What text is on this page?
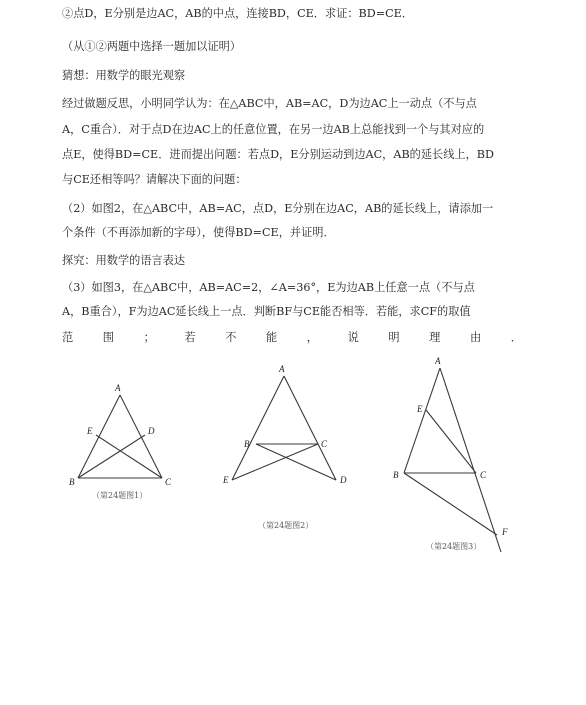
②点D，E分别是边AC，AB的中点，连接BD，CE．求证：BD=CE．
（从①②两题中选择一题加以证明）
猜想：用数学的眼光观察
经过做题反思，小明同学认为：在△ABC中，AB=AC，D为边AC上一动点（不与点
A，C重合）．对于点D在边AC上的任意位置，在另一边AB上总能找到一个与其对应的
点E，使得BD=CE．进而提出问题：若点D，E分别运动到边AC，AB的延长线上，BD
与CE还相等吗？请解决下面的问题：
（2）如图2，在△ABC中，AB=AC，点D，E分别在边AC，AB的延长线上，请添加一
个条件（不再添加新的字母），使得BD=CE，并证明．
探究：用数学的语言表达
（3）如图3，在△ABC中，AB=AC=2，∠A=36°，E为边AB上任意一点（不与点
A，B重合），F为边AC延长线上一点．判断BF与CE能否相等．若能，求CF的取值
范	围	；	若	不	能	，	说	明	理	由	．
A
B	C
D
E
（第24题图1）
A
B	C
D
E
（第24题图2）
A
B	C
E
F
（第24题图3）
